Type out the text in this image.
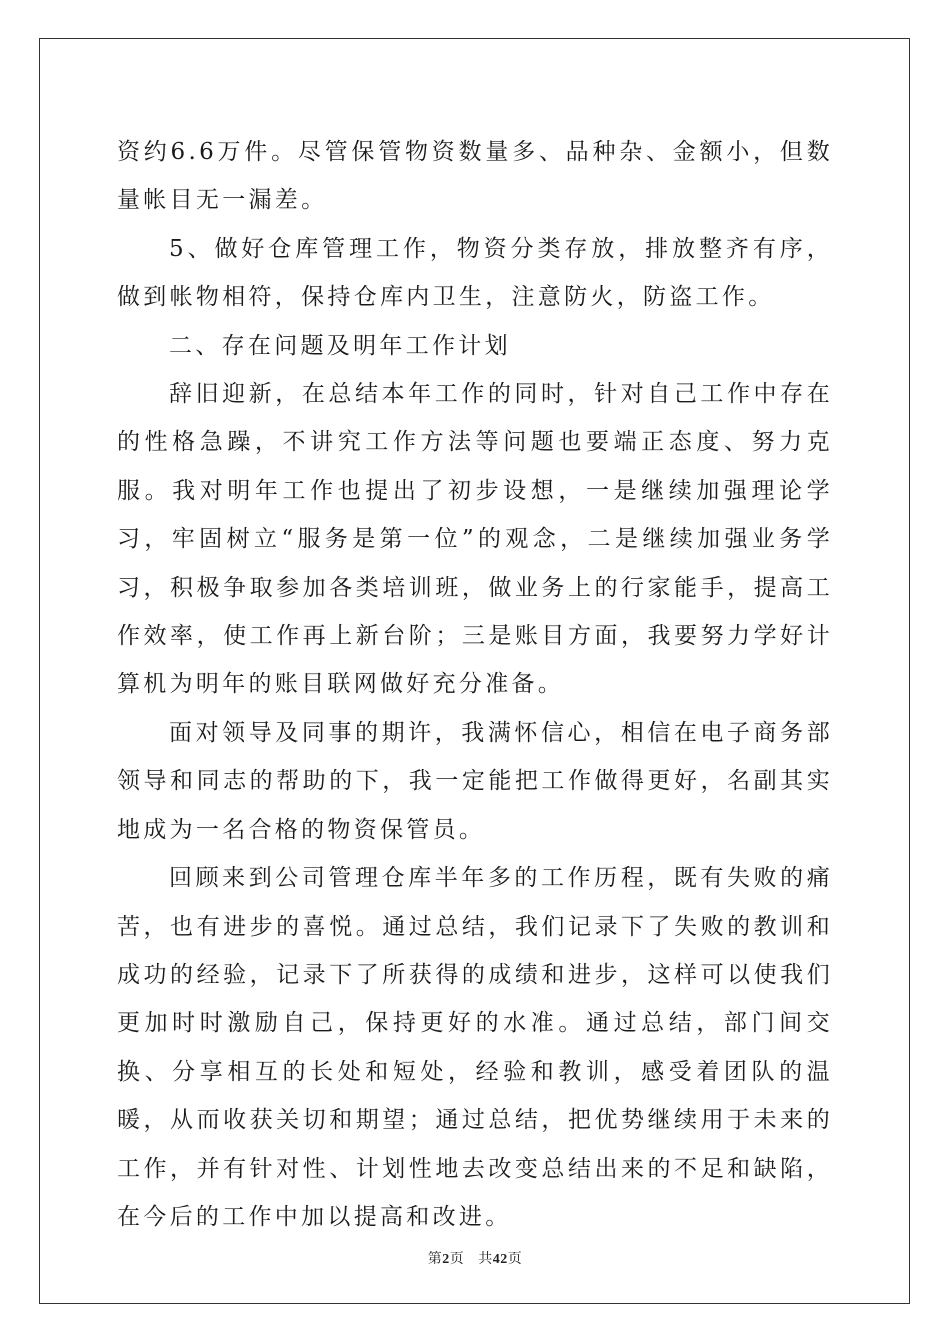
资约6.6万件。尽管保管物资数量多、品种杂、金额小，但数量帐目无一漏差。

5、做好仓库管理工作，物资分类存放，排放整齐有序，做到帐物相符，保持仓库内卫生，注意防火，防盗工作。

二、存在问题及明年工作计划

辞旧迎新，在总结本年工作的同时，针对自己工作中存在的性格急躁，不讲究工作方法等问题也要端正态度、努力克服。我对明年工作也提出了初步设想，一是继续加强理论学习，牢固树立“服务是第一位”的观念，二是继续加强业务学习，积极争取参加各类培训班，做业务上的行家能手，提高工作效率，使工作再上新台阶；三是账目方面，我要努力学好计算机为明年的账目联网做好充分准备。

面对领导及同事的期许，我满怀信心，相信在电子商务部领导和同志的帮助的下，我一定能把工作做得更好，名副其实地成为一名合格的物资保管员。

回顾来到公司管理仓库半年多的工作历程，既有失败的痛苦，也有进步的喜悦。通过总结，我们记录下了失败的教训和成功的经验，记录下了所获得的成绩和进步，这样可以使我们更加时时激励自己，保持更好的水准。通过总结，部门间交换、分享相互的长处和短处，经验和教训，感受着团队的温暖，从而收获关切和期望；通过总结，把优势继续用于未来的工作，并有针对性、计划性地去改变总结出来的不足和缺陷，在今后的工作中加以提高和改进。

第2页 共42页
